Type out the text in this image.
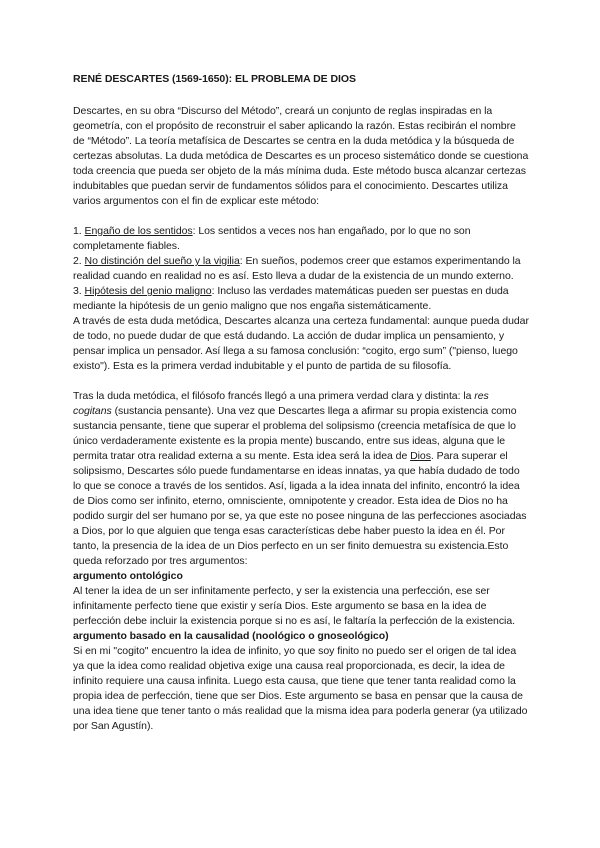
RENÉ DESCARTES (1569-1650): EL PROBLEMA DE DIOS

Descartes, en su obra “Discurso del Método”, creará un conjunto de reglas inspiradas en la geometría, con el propósito de reconstruir el saber aplicando la razón. Estas recibirán el nombre de “Método”. La teoría metafísica de Descartes se centra en la duda metódica y la búsqueda de certezas absolutas. La duda metódica de Descartes es un proceso sistemático donde se cuestiona toda creencia que pueda ser objeto de la más mínima duda. Este método busca alcanzar certezas indubitables que puedan servir de fundamentos sólidos para el conocimiento. Descartes utiliza varios argumentos con el fin de explicar este método:

1. Engaño de los sentidos: Los sentidos a veces nos han engañado, por lo que no son completamente fiables.

2. No distinción del sueño y la vigilia: En sueños, podemos creer que estamos experimentando la realidad cuando en realidad no es así. Esto lleva a dudar de la existencia de un mundo externo.

3. Hipótesis del genio maligno: Incluso las verdades matemáticas pueden ser puestas en duda mediante la hipótesis de un genio maligno que nos engaña sistemáticamente.

A través de esta duda metódica, Descartes alcanza una certeza fundamental: aunque pueda dudar de todo, no puede dudar de que está dudando. La acción de dudar implica un pensamiento, y pensar implica un pensador. Así llega a su famosa conclusión: “cogito, ergo sum” ("pienso, luego existo"). Esta es la primera verdad indubitable y el punto de partida de su filosofía.

Tras la duda metódica, el filósofo francés llegó a una primera verdad clara y distinta: la res cogitans (sustancia pensante). Una vez que Descartes llega a afirmar su propia existencia como sustancia pensante, tiene que superar el problema del solipsismo (creencia metafísica de que lo único verdaderamente existente es la propia mente) buscando, entre sus ideas, alguna que le permita tratar otra realidad externa a su mente. Esta idea será la idea de Dios. Para superar el solipsismo, Descartes sólo puede fundamentarse en ideas innatas, ya que había dudado de todo lo que se conoce a través de los sentidos. Así, ligada a la idea innata del infinito, encontró la idea de Dios como ser infinito, eterno, omnisciente, omnipotente y creador. Esta idea de Dios no ha podido surgir del ser humano por se, ya que este no posee ninguna de las perfecciones asociadas a Dios, por lo que alguien que tenga esas características debe haber puesto la idea en él. Por tanto, la presencia de la idea de un Dios perfecto en un ser finito demuestra su existencia.Esto queda reforzado por tres argumentos:

argumento ontológico

Al tener la idea de un ser infinitamente perfecto, y ser la existencia una perfección, ese ser infinitamente perfecto tiene que existir y sería Dios. Este argumento se basa en la idea de perfección debe incluir la existencia porque si no es así, le faltaría la perfección de la existencia.

argumento basado en la causalidad (noológico o gnoseológico)

Si en mi "cogito" encuentro la idea de infinito, yo que soy finito no puedo ser el origen de tal idea ya que la idea como realidad objetiva exige una causa real proporcionada, es decir, la idea de infinito requiere una causa infinita. Luego esta causa, que tiene que tener tanta realidad como la propia idea de perfección, tiene que ser Dios. Este argumento se basa en pensar que la causa de una idea tiene que tener tanto o más realidad que la misma idea para poderla generar (ya utilizado por San Agustín).
